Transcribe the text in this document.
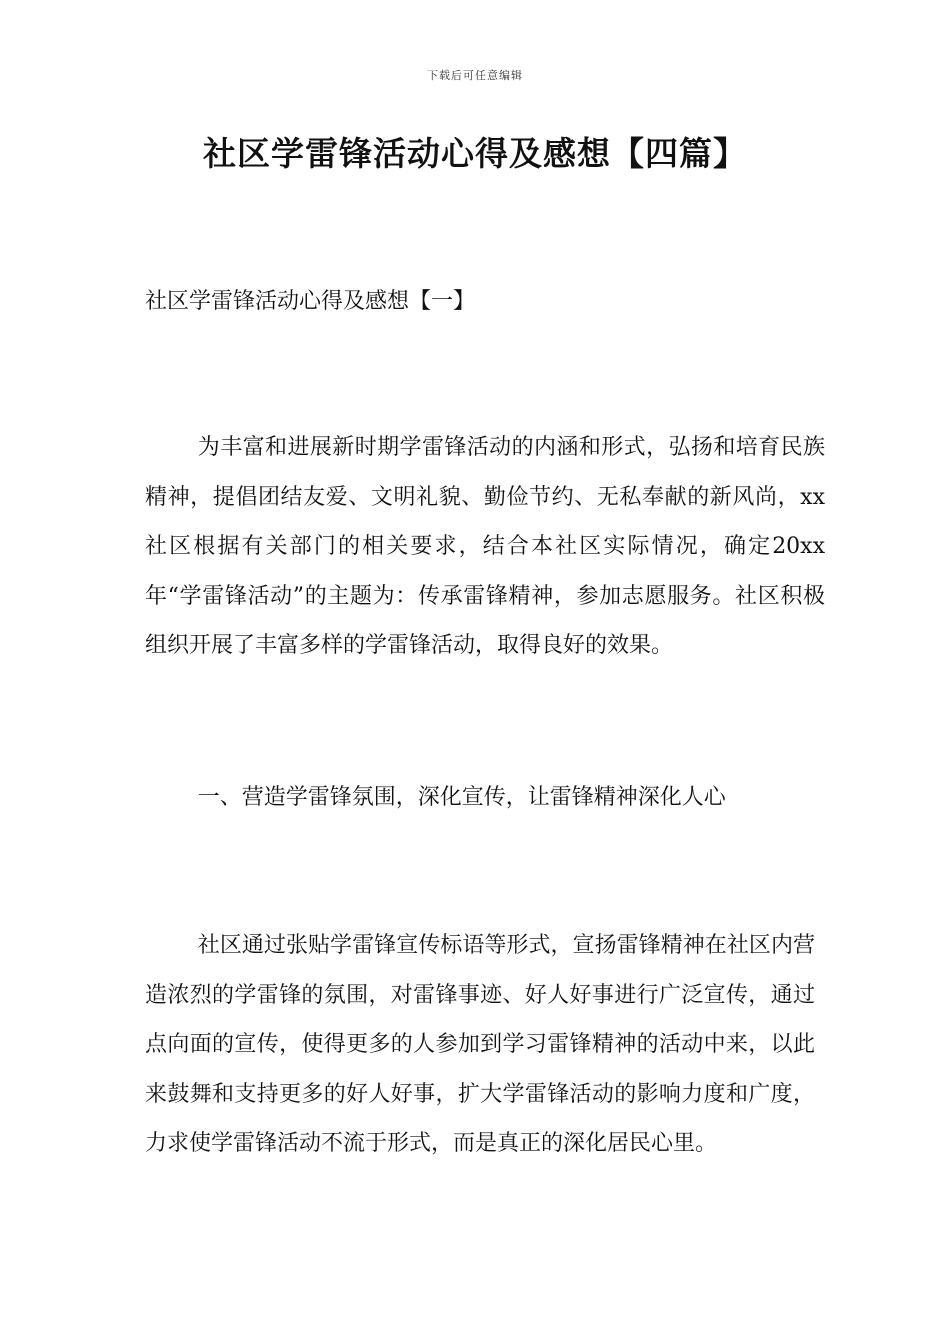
下载后可任意编辑
社区学雷锋活动心得及感想【四篇】
社区学雷锋活动心得及感想【一】

为丰富和进展新时期学雷锋活动的内涵和形式，弘扬和培育民族精神，提倡团结友爱、文明礼貌、勤俭节约、无私奉献的新风尚，xx社区根据有关部门的相关要求，结合本社区实际情况，确定20xx年“学雷锋活动”的主题为：传承雷锋精神，参加志愿服务。社区积极组织开展了丰富多样的学雷锋活动，取得良好的效果。

一、营造学雷锋氛围，深化宣传，让雷锋精神深化人心

社区通过张贴学雷锋宣传标语等形式，宣扬雷锋精神在社区内营造浓烈的学雷锋的氛围，对雷锋事迹、好人好事进行广泛宣传，通过点向面的宣传，使得更多的人参加到学习雷锋精神的活动中来，以此来鼓舞和支持更多的好人好事，扩大学雷锋活动的影响力度和广度，力求使学雷锋活动不流于形式，而是真正的深化居民心里。
